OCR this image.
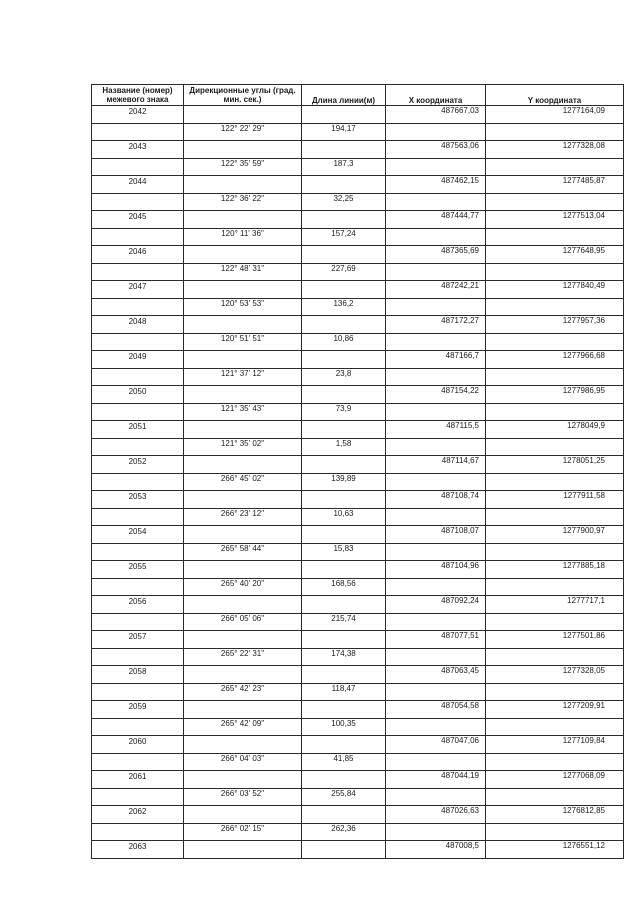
Название (номер) межевого знака	Дирекционные углы (град. мин. сек.)	Длина линии(м)	X координата	Y координата
2042			487667,03	1277164,09
	122° 22' 29"	194,17		
2043			487563,06	1277328,08
	122° 35' 59"	187,3		
2044			487462,15	1277485,87
	122° 36' 22"	32,25		
2045			487444,77	1277513,04
	120° 11' 36"	157,24		
2046			487365,69	1277648,95
	122° 48' 31"	227,69		
2047			487242,21	1277840,49
	120° 53' 53"	136,2		
2048			487172,27	1277957,36
	120° 51' 51"	10,86		
2049			487166,7	1277966,68
	121° 37' 12"	23,8		
2050			487154,22	1277986,95
	121° 35' 43"	73,9		
2051			487115,5	1278049,9
	121° 35' 02"	1,58		
2052			487114,67	1278051,25
	266° 45' 02"	139,89		
2053			487108,74	1277911,58
	266° 23' 12"	10,63		
2054			487108,07	1277900,97
	265° 58' 44"	15,83		
2055			487104,96	1277885,18
	265° 40' 20"	168,56		
2056			487092,24	1277717,1
	266° 05' 06"	215,74		
2057			487077,51	1277501,86
	265° 22' 31"	174,38		
2058			487063,45	1277328,05
	265° 42' 23"	118,47		
2059			487054,58	1277209,91
	265° 42' 09"	100,35		
2060			487047,06	1277109,84
	266° 04' 03"	41,85		
2061			487044,19	1277068,09
	266° 03' 52"	255,84		
2062			487026,63	1276812,85
	266° 02' 15"	262,36		
2063			487008,5	1276551,12
